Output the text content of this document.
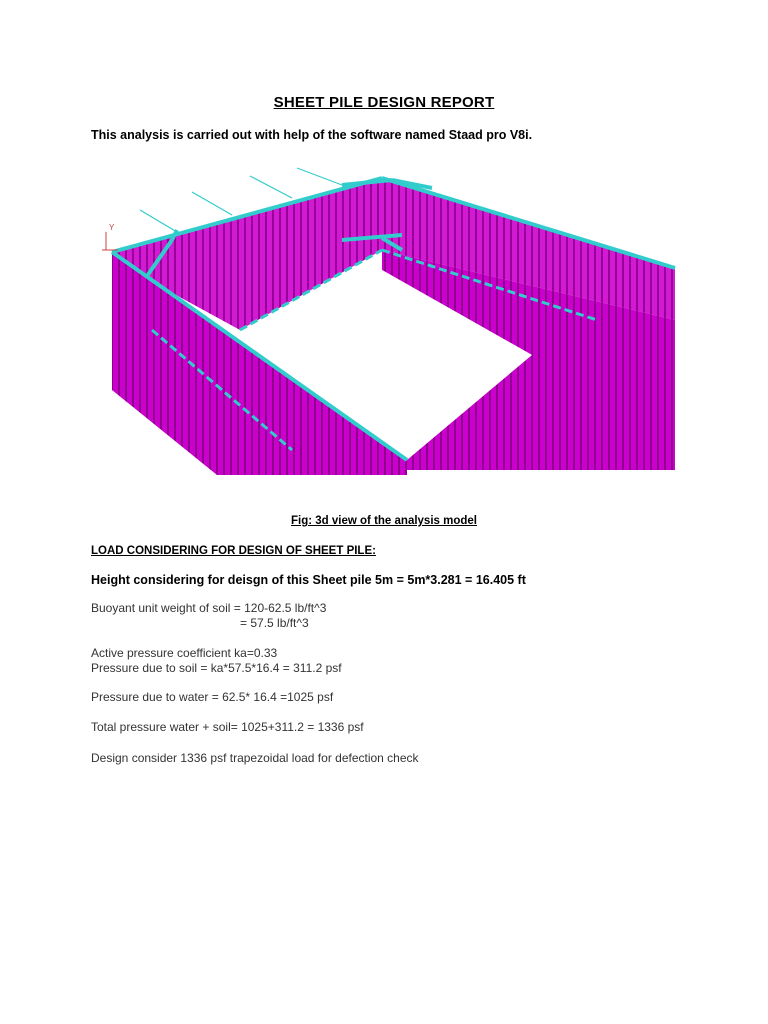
SHEET PILE DESIGN REPORT
This analysis is carried out with help of the software named Staad pro V8i.
Y
Fig: 3d view of the analysis model
LOAD CONSIDERING FOR DESIGN OF SHEET PILE:
Height considering for deisgn of this Sheet pile 5m = 5m*3.281 = 16.405 ft
Buoyant unit weight of soil = 120-62.5 lb/ft^3
= 57.5 lb/ft^3
Active pressure coefficient ka=0.33
Pressure due to soil = ka*57.5*16.4 = 311.2 psf
Pressure due to water = 62.5* 16.4 =1025 psf
Total pressure water + soil= 1025+311.2 = 1336 psf
Design consider 1336 psf trapezoidal load for defection check
